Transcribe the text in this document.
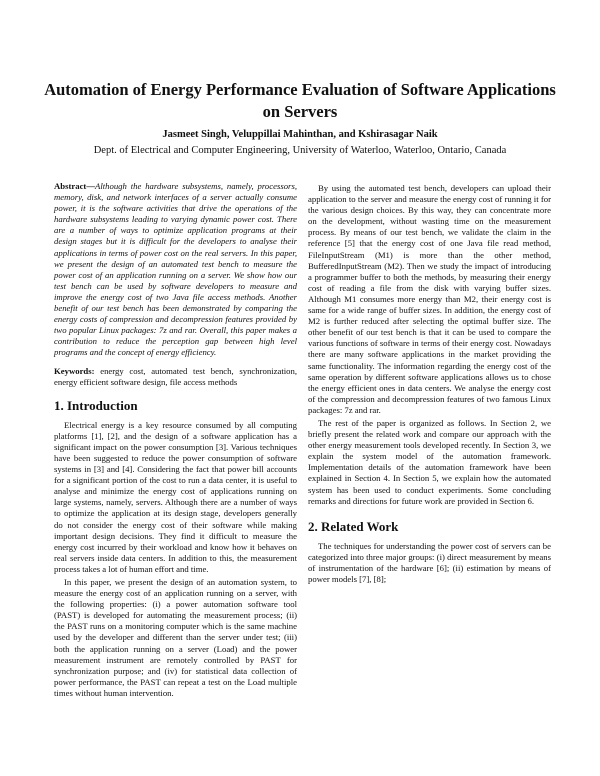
Automation of Energy Performance Evaluation of Software Applications on Servers
Jasmeet Singh, Veluppillai Mahinthan, and Kshirasagar Naik
Dept. of Electrical and Computer Engineering, University of Waterloo, Waterloo, Ontario, Canada

Abstract—Although the hardware subsystems, namely, processors, memory, disk, and network interfaces of a server actually consume power, it is the software activities that drive the operations of the hardware subsystems leading to varying dynamic power cost. There are a number of ways to optimize application programs at their design stages but it is difficult for the developers to analyse their applications in terms of power cost on the real servers. In this paper, we present the design of an automated test bench to measure the power cost of an application running on a server. We show how our test bench can be used by software developers to measure and improve the energy cost of two Java file access methods. Another benefit of our test bench has been demonstrated by comparing the energy costs of compression and decompression features provided by two popular Linux packages: 7z and rar. Overall, this paper makes a contribution to reduce the perception gap between high level programs and the concept of energy efficiency.

Keywords: energy cost, automated test bench, synchronization, energy efficient software design, file access methods

1. Introduction

Electrical energy is a key resource consumed by all computing platforms [1], [2], and the design of a software application has a significant impact on the power consumption [3]. Various techniques have been suggested to reduce the power consumption of software systems in [3] and [4]. Considering the fact that power bill accounts for a significant portion of the cost to run a data center, it is useful to analyse and minimize the energy cost of applications running on large systems, namely, servers. Although there are a number of ways to optimize the application at its design stage, developers generally do not consider the energy cost of their software while making important design decisions. They find it difficult to measure the energy cost incurred by their workload and know how it behaves on real servers inside data centers. In addition to this, the measurement process takes a lot of human effort and time.

In this paper, we present the design of an automation system, to measure the energy cost of an application running on a server, with the following properties: (i) a power automation software tool (PAST) is developed for automating the measurement process; (ii) the PAST runs on a monitoring computer which is the same machine used by the developer and different than the server under test; (iii) both the application running on a server (Load) and the power measurement instrument are remotely controlled by PAST for synchronization purpose; and (iv) for statistical data collection of power performance, the PAST can repeat a test on the Load multiple times without human intervention.

By using the automated test bench, developers can upload their application to the server and measure the energy cost of running it for the various design choices. By this way, they can concentrate more on the development, without wasting time on the measurement process. By means of our test bench, we validate the claim in the reference [5] that the energy cost of one Java file read method, FileInputStream (M1) is more than the other method, BufferedInputStream (M2). Then we study the impact of introducing a programmer buffer to both the methods, by measuring their energy cost of reading a file from the disk with varying buffer sizes. Although M1 consumes more energy than M2, their energy cost is same for a wide range of buffer sizes. In addition, the energy cost of M2 is further reduced after selecting the optimal buffer size. The other benefit of our test bench is that it can be used to compare the various functions of software in terms of their energy cost. Nowadays there are many software applications in the market providing the same functionality. The information regarding the energy cost of the same operation by different software applications allows us to chose the energy efficient ones in data centers. We analyse the energy cost of the compression and decompression features of two famous Linux packages: 7z and rar.

The rest of the paper is organized as follows. In Section 2, we briefly present the related work and compare our approach with the other energy measurement tools developed recently. In Section 3, we explain the system model of the automation framework. Implementation details of the automation framework have been explained in Section 4. In Section 5, we explain how the automated system has been used to conduct experiments. Some concluding remarks and directions for future work are provided in Section 6.

2. Related Work

The techniques for understanding the power cost of servers can be categorized into three major groups: (i) direct measurement by means of instrumentation of the hardware [6]; (ii) estimation by means of power models [7], [8];
